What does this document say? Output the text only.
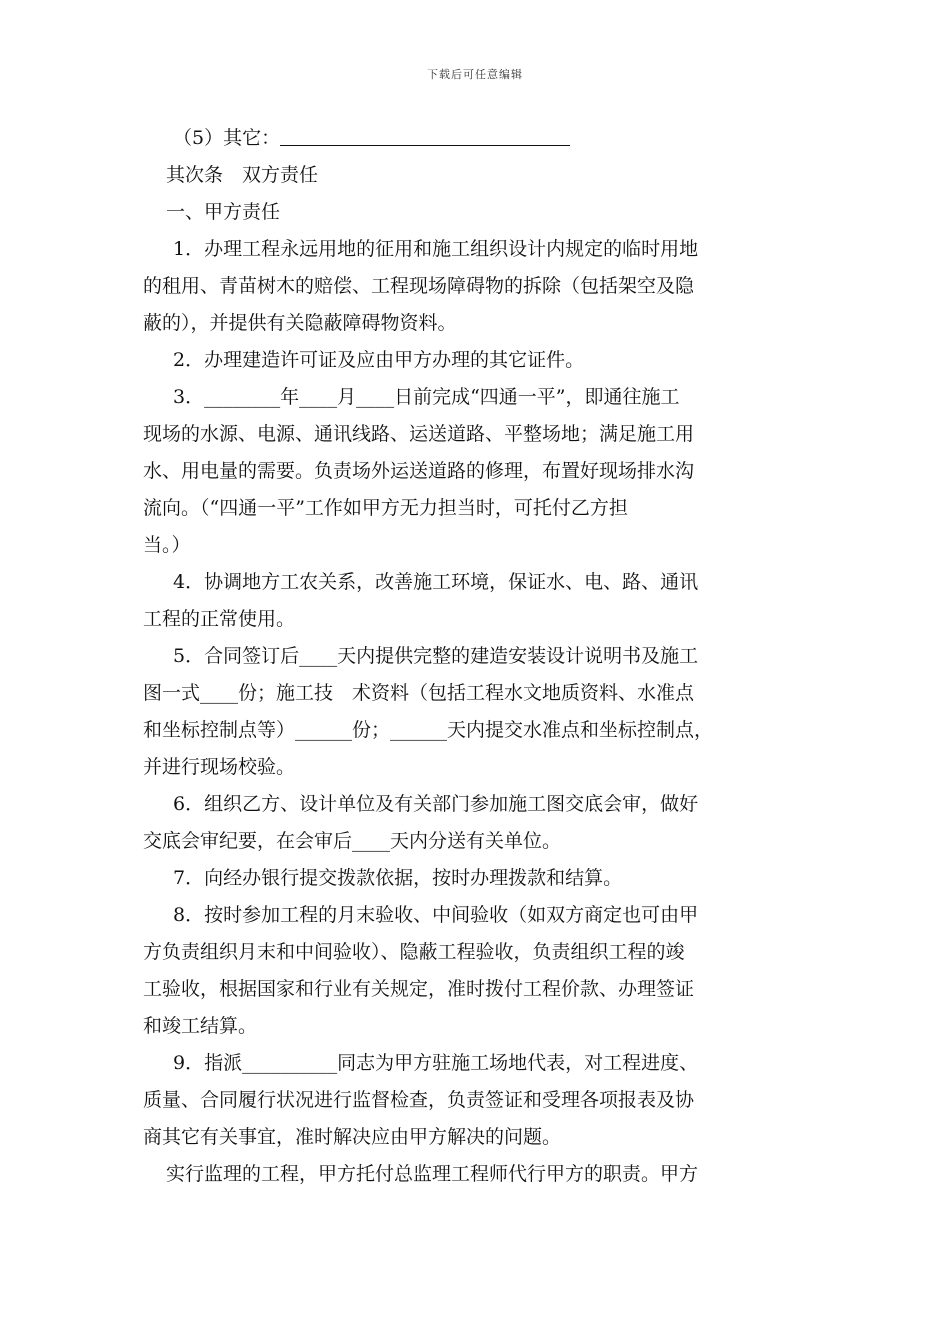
下载后可任意编辑
（5）其它：
其次条　双方责任
一、甲方责任
1．办理工程永远用地的征用和施工组织设计内规定的临时用地
的租用、青苗树木的赔偿、工程现场障碍物的拆除（包括架空及隐
蔽的），并提供有关隐蔽障碍物资料。
2．办理建造许可证及应由甲方办理的其它证件。
3．________年____月____日前完成“四通一平”，即通往施工
现场的水源、电源、通讯线路、运送道路、平整场地；满足施工用
水、用电量的需要。负责场外运送道路的修理，布置好现场排水沟
流向。（“四通一平”工作如甲方无力担当时，可托付乙方担
当。）
4．协调地方工农关系，改善施工环境，保证水、电、路、通讯
工程的正常使用。
5．合同签订后____天内提供完整的建造安装设计说明书及施工
图一式____份；施工技　术资料（包括工程水文地质资料、水准点
和坐标控制点等）______份；______天内提交水准点和坐标控制点，
并进行现场校验。
6．组织乙方、设计单位及有关部门参加施工图交底会审，做好
交底会审纪要，在会审后____天内分送有关单位。
7．向经办银行提交拨款依据，按时办理拨款和结算。
8．按时参加工程的月末验收、中间验收（如双方商定也可由甲
方负责组织月末和中间验收）、隐蔽工程验收，负责组织工程的竣
工验收，根据国家和行业有关规定，准时拨付工程价款、办理签证
和竣工结算。
9．指派__________同志为甲方驻施工场地代表，对工程进度、
质量、合同履行状况进行监督检查，负责签证和受理各项报表及协
商其它有关事宜，准时解决应由甲方解决的问题。
实行监理的工程，甲方托付总监理工程师代行甲方的职责。甲方
